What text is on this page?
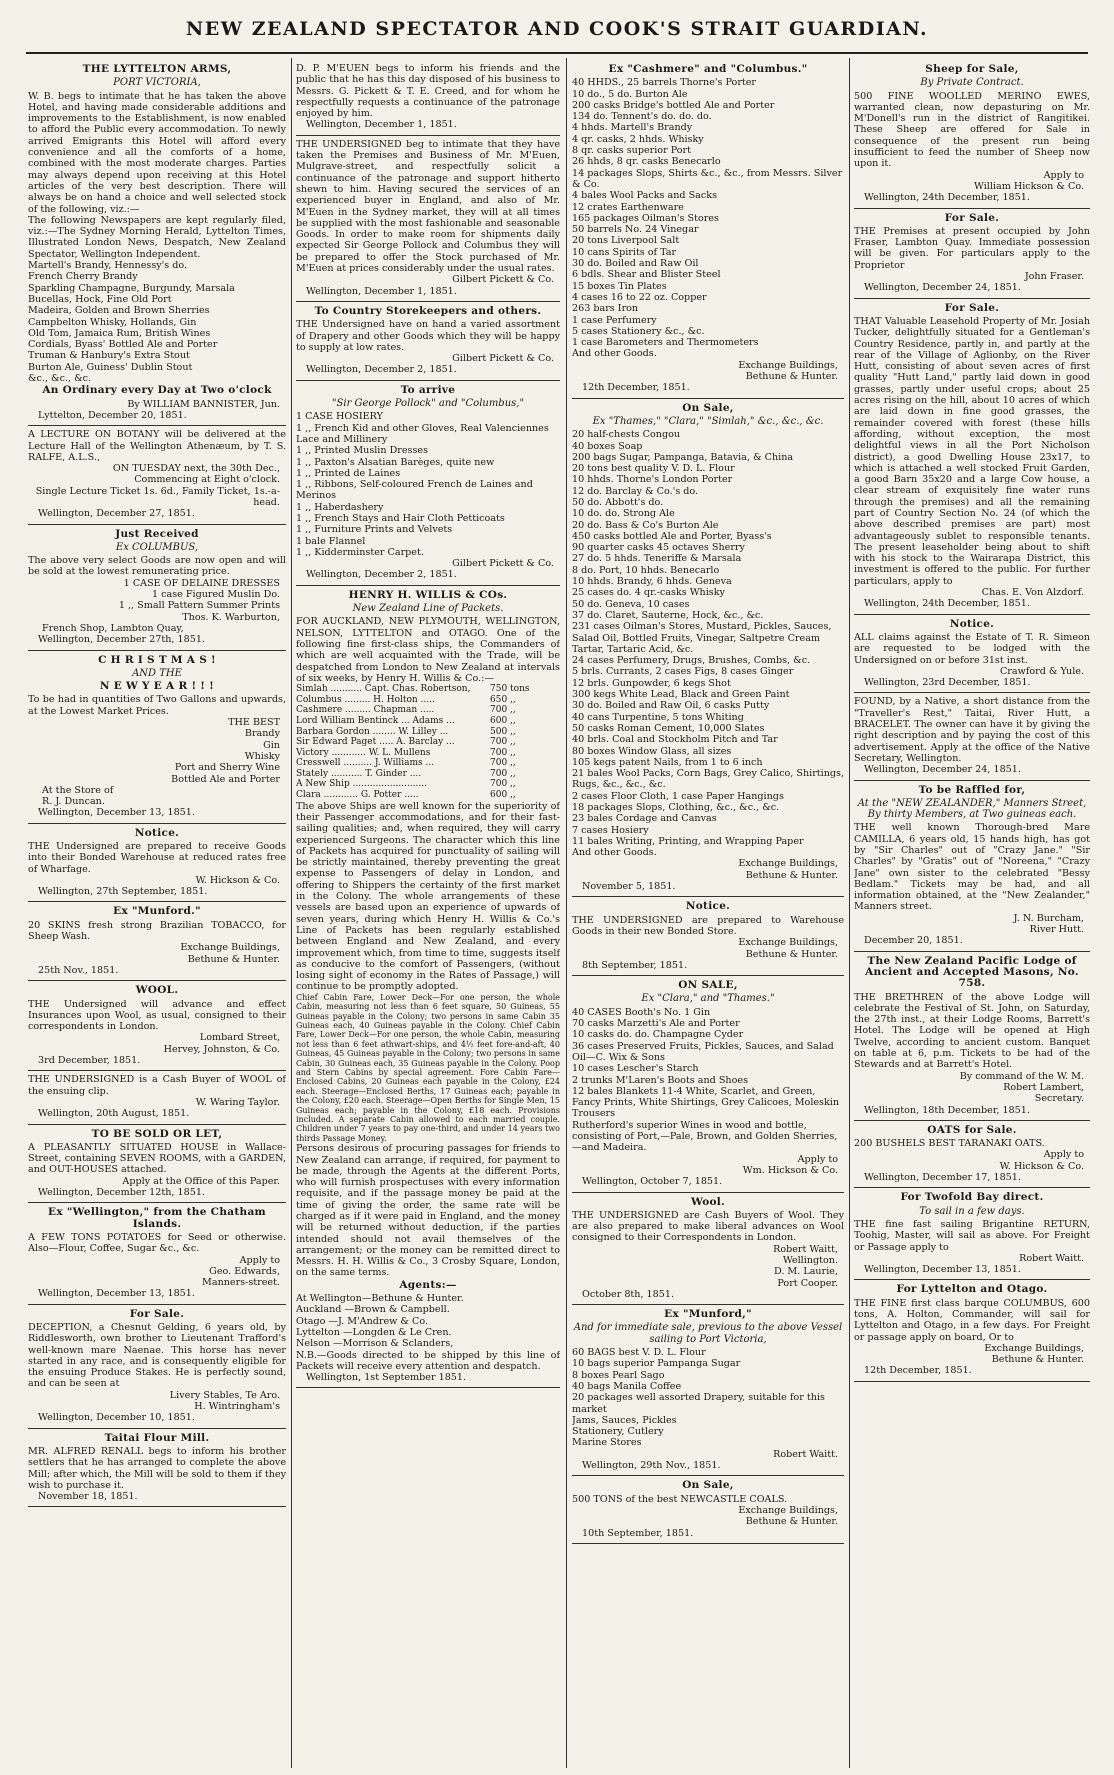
NEW ZEALAND SPECTATOR AND COOK'S STRAIT GUARDIAN.
THE LYTTELTON ARMS,
PORT VICTORIA,
W. B. begs to intimate that he has taken the above Hotel, and having made considerable additions and improvements to the Establishment, is now enabled to afford the Public every accommodation. To newly arrived Emigrants this Hotel will afford every convenience and all the comforts of a home, combined with the most moderate charges. Parties may always depend upon receiving at this Hotel articles of the very best description. There will always be on hand a choice and well selected stock of the following, viz.:—
The following Newspapers are kept regularly filed, viz.:—The Sydney Morning Herald, Lyttelton Times, Illustrated London News, Despatch, New Zealand Spectator, Wellington Independent.
Martell's Brandy, Hennessy's do.
French Cherry Brandy
Sparkling Champagne, Burgundy, Marsala
Bucellas, Hock, Fine Old Port
Madeira, Golden and Brown Sherries
Campbelton Whisky, Hollands, Gin
Old Tom, Jamaica Rum, British Wines
Cordials, Byass' Bottled Ale and Porter
Truman & Hanbury's Extra Stout
Burton Ale, Guiness' Dublin Stout
&c., &c., &c.
An Ordinary every Day at Two o'clock
By WILLIAM BANNISTER, Jun.
Lyttelton, December 20, 1851.
A LECTURE ON BOTANY will be delivered at the Lecture Hall of the Wellington Athenæum, by T. S. RALFE, A.L.S.,
ON TUESDAY next, the 30th Dec.,
Commencing at Eight o'clock.
Single Lecture Ticket 1s. 6d., Family Ticket, 1s.-a-head.
Wellington, December 27, 1851.
Just Received
Ex COLUMBUS,
The above very select Goods are now open and will be sold at the lowest remunerating price.
1 CASE OF DELAINE DRESSES
1 case Figured Muslin Do.
1 ,, Small Pattern Summer Prints
Thos. K. Warburton,
French Shop, Lambton Quay,
Wellington, December 27th, 1851.
C H R I S T M A S !
AND THE
N E W Y E A R ! ! !
To be had in quantities of Two Gallons and upwards, at the Lowest Market Prices.
THE BEST
Brandy
Gin
Whisky
Port and Sherry Wine
Bottled Ale and Porter
At the Store of
R. J. Duncan.
Wellington, December 13, 1851.
Notice.
THE Undersigned are prepared to receive Goods into their Bonded Warehouse at reduced rates free of Wharfage.
W. Hickson & Co.
Wellington, 27th September, 1851.
Ex "Munford."
20 SKINS fresh strong Brazilian TOBACCO, for Sheep Wash.
Exchange Buildings,
Bethune & Hunter.
25th Nov., 1851.
WOOL.
THE Undersigned will advance and effect Insurances upon Wool, as usual, consigned to their correspondents in London.
Lombard Street,
Hervey, Johnston, & Co.
3rd December, 1851.
THE UNDERSIGNED is a Cash Buyer of WOOL of the ensuing clip.
W. Waring Taylor.
Wellington, 20th August, 1851.
TO BE SOLD OR LET,
A PLEASANTLY SITUATED HOUSE in Wallace-Street, containing SEVEN ROOMS, with a GARDEN, and OUT-HOUSES attached.
Apply at the Office of this Paper.
Wellington, December 12th, 1851.
Ex "Wellington," from the Chatham Islands.
A FEW TONS POTATOES for Seed or otherwise. Also—Flour, Coffee, Sugar &c., &c.
Apply to
Geo. Edwards,
Manners-street.
Wellington, December 13, 1851.
For Sale.
DECEPTION, a Chesnut Gelding, 6 years old, by Riddlesworth, own brother to Lieutenant Trafford's well-known mare Naenae. This horse has never started in any race, and is consequently eligible for the ensuing Produce Stakes. He is perfectly sound, and can be seen at
Livery Stables, Te Aro.
H. Wintringham's
Wellington, December 10, 1851.
Taitai Flour Mill.
MR. ALFRED RENALL begs to inform his brother settlers that he has arranged to complete the above Mill; after which, the Mill will be sold to them if they wish to purchase it.
November 18, 1851.
D. P. M'EUEN begs to inform his friends and the public that he has this day disposed of his business to Messrs. G. Pickett & T. E. Creed, and for whom he respectfully requests a continuance of the patronage enjoyed by him.
Wellington, December 1, 1851.
THE UNDERSIGNED beg to intimate that they have taken the Premises and Business of Mr. M'Euen, Mulgrave-street, and respectfully solicit a continuance of the patronage and support hitherto shewn to him. Having secured the services of an experienced buyer in England, and also of Mr. M'Euen in the Sydney market, they will at all times be supplied with the most fashionable and seasonable Goods. In order to make room for shipments daily expected Sir George Pollock and Columbus they will be prepared to offer the Stock purchased of Mr. M'Euen at prices considerably under the usual rates.
Gilbert Pickett & Co.
Wellington, December 1, 1851.
To Country Storekeepers and others.
THE Undersigned have on hand a varied assortment of Drapery and other Goods which they will be happy to supply at low rates.
Gilbert Pickett & Co.
Wellington, December 2, 1851.
To arrive
"Sir George Pollock" and "Columbus,"
1 CASE HOSIERY
1 ,, French Kid and other Gloves, Real Valenciennes Lace and Millinery
1 ,, Printed Muslin Dresses
1 ,, Paxton's Alsatian Barèges, quite new
1 ,, Printed de Laines
1 ,, Ribbons, Self-coloured French de Laines and Merinos
1 ,, Haberdashery
1 ,, French Stays and Hair Cloth Petticoats
1 ,, Furniture Prints and Velvets
1 bale Flannel
1 ,, Kidderminster Carpet.
Gilbert Pickett & Co.
Wellington, December 2, 1851.
HENRY H. WILLIS & COs.
New Zealand Line of Packets.
FOR AUCKLAND, NEW PLYMOUTH, WELLINGTON, NELSON, LYTTELTON and OTAGO. One of the following fine first-class ships, the Commanders of which are well acquainted with the Trade, will be despatched from London to New Zealand at intervals of six weeks, by Henry H. Willis & Co.:—
Simlah ........... Capt. Chas. Robertson,	750 tons
Columbus ......... H. Holton .....	650 ,,
Cashmere ......... Chapman .....	700 ,,
Lord William Bentinck ... Adams ...	600 ,,
Barbara Gordon ........ W. Lilley ...	500 ,,
Sir Edward Paget ..... A. Barclay ...	700 ,,
Victory ............ W. L. Mullens	700 ,,
Cresswell .......... J. Williams ...	700 ,,
Stately ........... T. Ginder ....	700 ,,
A New Ship ..........................	700 ,,
Clara ............ G. Potter .....	600 ,,
The above Ships are well known for the superiority of their Passenger accommodations, and for their fast-sailing qualities; and, when required, they will carry experienced Surgeons. The character which this line of Packets has acquired for punctuality of sailing will be strictly maintained, thereby preventing the great expense to Passengers of delay in London, and offering to Shippers the certainty of the first market in the Colony. The whole arrangements of these vessels are based upon an experience of upwards of seven years, during which Henry H. Willis & Co.'s Line of Packets has been regularly established between England and New Zealand, and every improvement which, from time to time, suggests itself as conducive to the comfort of Passengers, (without losing sight of economy in the Rates of Passage,) will continue to be promptly adopted.
Chief Cabin Fare, Lower Deck—For one person, the whole Cabin, measuring not less than 6 feet square, 50 Guineas, 55 Guineas payable in the Colony; two persons in same Cabin 35 Guineas each, 40 Guineas payable in the Colony. Chief Cabin Fare, Lower Deck—For one person, the whole Cabin, measuring not less than 6 feet athwart-ships, and 4½ feet fore-and-aft, 40 Guineas, 45 Guineas payable in the Colony; two persons in same Cabin, 30 Guineas each, 35 Guineas payable in the Colony. Poop and Stern Cabins by special agreement. Fore Cabin Fare—Enclosed Cabins, 20 Guineas each payable in the Colony, £24 each. Steerage—Enclosed Berths, 17 Guineas each; payable in the Colony, £20 each. Steerage—Open Berths for Single Men, 15 Guineas each; payable in the Colony, £18 each. Provisions included. A separate Cabin allowed to each married couple. Children under 7 years to pay one-third, and under 14 years two thirds Passage Money.
Persons desirous of procuring passages for friends to New Zealand can arrange, if required, for payment to be made, through the Agents at the different Ports, who will furnish prospectuses with every information requisite, and if the passage money be paid at the time of giving the order, the same rate will be charged as if it were paid in England, and the money will be returned without deduction, if the parties intended should not avail themselves of the arrangement; or the money can be remitted direct to Messrs. H. H. Willis & Co., 3 Crosby Square, London, on the same terms.
Agents:—
At Wellington—Bethune & Hunter.
Auckland —Brown & Campbell.
Otago —J. M'Andrew & Co.
Lyttelton —Longden & Le Cren.
Nelson —Morrison & Sclanders,
N.B.—Goods directed to be shipped by this line of Packets will receive every attention and despatch.
Wellington, 1st September 1851.
Ex "Cashmere" and "Columbus."
40 HHDS., 25 barrels Thorne's Porter
10 do., 5 do. Burton Ale
200 casks Bridge's bottled Ale and Porter
134 do. Tennent's do. do. do.
4 hhds. Martell's Brandy
4 qr. casks, 2 hhds. Whisky
8 qr. casks superior Port
26 hhds, 8 qr. casks Benecarlo
14 packages Slops, Shirts &c., &c., from Messrs. Silver & Co.
4 bales Wool Packs and Sacks
12 crates Earthenware
165 packages Oilman's Stores
50 barrels No. 24 Vinegar
20 tons Liverpool Salt
10 cans Spirits of Tar
30 do. Boiled and Raw Oil
6 bdls. Shear and Blister Steel
15 boxes Tin Plates
4 cases 16 to 22 oz. Copper
263 bars Iron
1 case Perfumery
5 cases Stationery &c., &c.
1 case Barometers and Thermometers
And other Goods.
Exchange Buildings,
Bethune & Hunter.
12th December, 1851.
On Sale,
Ex "Thames," "Clara," "Simlah," &c., &c., &c.
20 half-chests Congou
40 boxes Soap
200 bags Sugar, Pampanga, Batavia, & China
20 tons best quality V. D. L. Flour
10 hhds. Thorne's London Porter
12 do. Barclay & Co.'s do.
50 do. Abbott's do.
10 do. do. Strong Ale
20 do. Bass & Co's Burton Ale
450 casks bottled Ale and Porter, Byass's
90 quarter casks 45 octaves Sherry
27 do. 5 hhds. Teneriffe & Marsala
8 do. Port, 10 hhds. Benecarlo
10 hhds. Brandy, 6 hhds. Geneva
25 cases do. 4 qr.-casks Whisky
50 do. Geneva, 10 cases
37 do. Claret, Sauterne, Hock, &c., &c.
231 cases Oilman's Stores, Mustard, Pickles, Sauces, Salad Oil, Bottled Fruits, Vinegar, Saltpetre Cream Tartar, Tartaric Acid, &c.
24 cases Perfumery, Drugs, Brushes, Combs, &c.
5 brls. Currants, 2 cases Figs, 8 cases Ginger
12 brls. Gunpowder, 6 kegs Shot
300 kegs White Lead, Black and Green Paint
30 do. Boiled and Raw Oil, 6 casks Putty
40 cans Turpentine, 5 tons Whiting
50 casks Roman Cement, 10,000 Slates
40 brls. Coal and Stockholm Pitch and Tar
80 boxes Window Glass, all sizes
105 kegs patent Nails, from 1 to 6 inch
21 bales Wool Packs, Corn Bags, Grey Calico, Shirtings, Rugs, &c., &c., &c.
2 cases Floor Cloth, 1 case Paper Hangings
18 packages Slops, Clothing, &c., &c., &c.
23 bales Cordage and Canvas
7 cases Hosiery
11 bales Writing, Printing, and Wrapping Paper
And other Goods.
Exchange Buildings,
Bethune & Hunter.
November 5, 1851.
Notice.
THE UNDERSIGNED are prepared to Warehouse Goods in their new Bonded Store.
Exchange Buildings,
Bethune & Hunter.
8th September, 1851.
ON SALE,
Ex "Clara," and "Thames."
40 CASES Booth's No. 1 Gin
70 casks Marzetti's Ale and Porter
10 casks do. do. Champagne Cyder
36 cases Preserved Fruits, Pickles, Sauces, and Salad Oil—C. Wix & Sons
10 cases Lescher's Starch
2 trunks M'Laren's Boots and Shoes
12 bales Blankets 11-4 White, Scarlet, and Green, Fancy Prints, White Shirtings, Grey Calicoes, Moleskin Trousers
Rutherford's superior Wines in wood and bottle, consisting of Port,—Pale, Brown, and Golden Sherries,—and Madeira.
Apply to
Wm. Hickson & Co.
Wellington, October 7, 1851.
Wool.
THE UNDERSIGNED are Cash Buyers of Wool. They are also prepared to make liberal advances on Wool consigned to their Correspondents in London.
Robert Waitt,
Wellington.
D. M. Laurie,
Port Cooper.
October 8th, 1851.
Ex "Munford,"
And for immediate sale, previous to the above Vessel sailing to Port Victoria,
60 BAGS best V. D. L. Flour
10 bags superior Pampanga Sugar
8 boxes Pearl Sago
40 bags Manila Coffee
20 packages well assorted Drapery, suitable for this market
Jams, Sauces, Pickles
Stationery, Cutlery
Marine Stores
Robert Waitt.
Wellington, 29th Nov., 1851.
On Sale,
500 TONS of the best NEWCASTLE COALS.
Exchange Buildings,
Bethune & Hunter.
10th September, 1851.
Sheep for Sale,
By Private Contract.
500 FINE WOOLLED MERINO EWES, warranted clean, now depasturing on Mr. M'Donell's run in the district of Rangitikei. These Sheep are offered for Sale in consequence of the present run being insufficient to feed the number of Sheep now upon it.
Apply to
William Hickson & Co.
Wellington, 24th December, 1851.
For Sale.
THE Premises at present occupied by John Fraser, Lambton Quay. Immediate possession will be given. For particulars apply to the Proprietor
John Fraser.
Wellington, December 24, 1851.
For Sale.
THAT Valuable Leasehold Property of Mr. Josiah Tucker, delightfully situated for a Gentleman's Country Residence, partly in, and partly at the rear of the Village of Aglionby, on the River Hutt, consisting of about seven acres of first quality "Hutt Land," partly laid down in good grasses, partly under useful crops; about 25 acres rising on the hill, about 10 acres of which are laid down in fine good grasses, the remainder covered with forest (these hills affording, without exception, the most delightful views in all the Port Nicholson district), a good Dwelling House 23x17, to which is attached a well stocked Fruit Garden, a good Barn 35x20 and a large Cow house, a clear stream of exquisitely fine water runs through the premises) and all the remaining part of Country Section No. 24 (of which the above described premises are part) most advantageously sublet to responsible tenants. The present leaseholder being about to shift with his stock to the Wairarapa District, this investment is offered to the public. For further particulars, apply to
Chas. E. Von Alzdorf.
Wellington, 24th December, 1851.
Notice.
ALL claims against the Estate of T. R. Simeon are requested to be lodged with the Undersigned on or before 31st inst.
Crawford & Yule.
Wellington, 23rd December, 1851.
FOUND, by a Native, a short distance from the "Traveller's Rest," Taitai, River Hutt, a BRACELET. The owner can have it by giving the right description and by paying the cost of this advertisement. Apply at the office of the Native Secretary, Wellington.
Wellington, December 24, 1851.
To be Raffled for,
At the "NEW ZEALANDER," Manners Street, By thirty Members, at Two guineas each.
THE well known Thorough-bred Mare CAMILLA, 6 years old, 15 hands high, has got by "Sir Charles" out of "Crazy Jane." "Sir Charles" by "Gratis" out of "Noreena," "Crazy Jane" own sister to the celebrated "Bessy Bedlam." Tickets may be had, and all information obtained, at the "New Zealander," Manners street.
J. N. Burcham,
River Hutt.
December 20, 1851.
The New Zealand Pacific Lodge of Ancient and Accepted Masons, No. 758.
THE BRETHREN of the above Lodge will celebrate the Festival of St. John, on Saturday, the 27th inst., at their Lodge Rooms, Barrett's Hotel. The Lodge will be opened at High Twelve, according to ancient custom. Banquet on table at 6, p.m. Tickets to be had of the Stewards and at Barrett's Hotel.
By command of the W. M.
Robert Lambert,
Secretary.
Wellington, 18th December, 1851.
OATS for Sale.
200 BUSHELS BEST TARANAKI OATS.
Apply to
W. Hickson & Co.
Wellington, December 17, 1851.
For Twofold Bay direct.
To sail in a few days.
THE fine fast sailing Brigantine RETURN, Toohig, Master, will sail as above. For Freight or Passage apply to
Robert Waitt.
Wellington, December 13, 1851.
For Lyttelton and Otago.
THE FINE first class barque COLUMBUS, 600 tons, A. Holton, Commander, will sail for Lyttelton and Otago, in a few days. For Freight or passage apply on board, Or to
Exchange Buildings,
Bethune & Hunter.
12th December, 1851.
